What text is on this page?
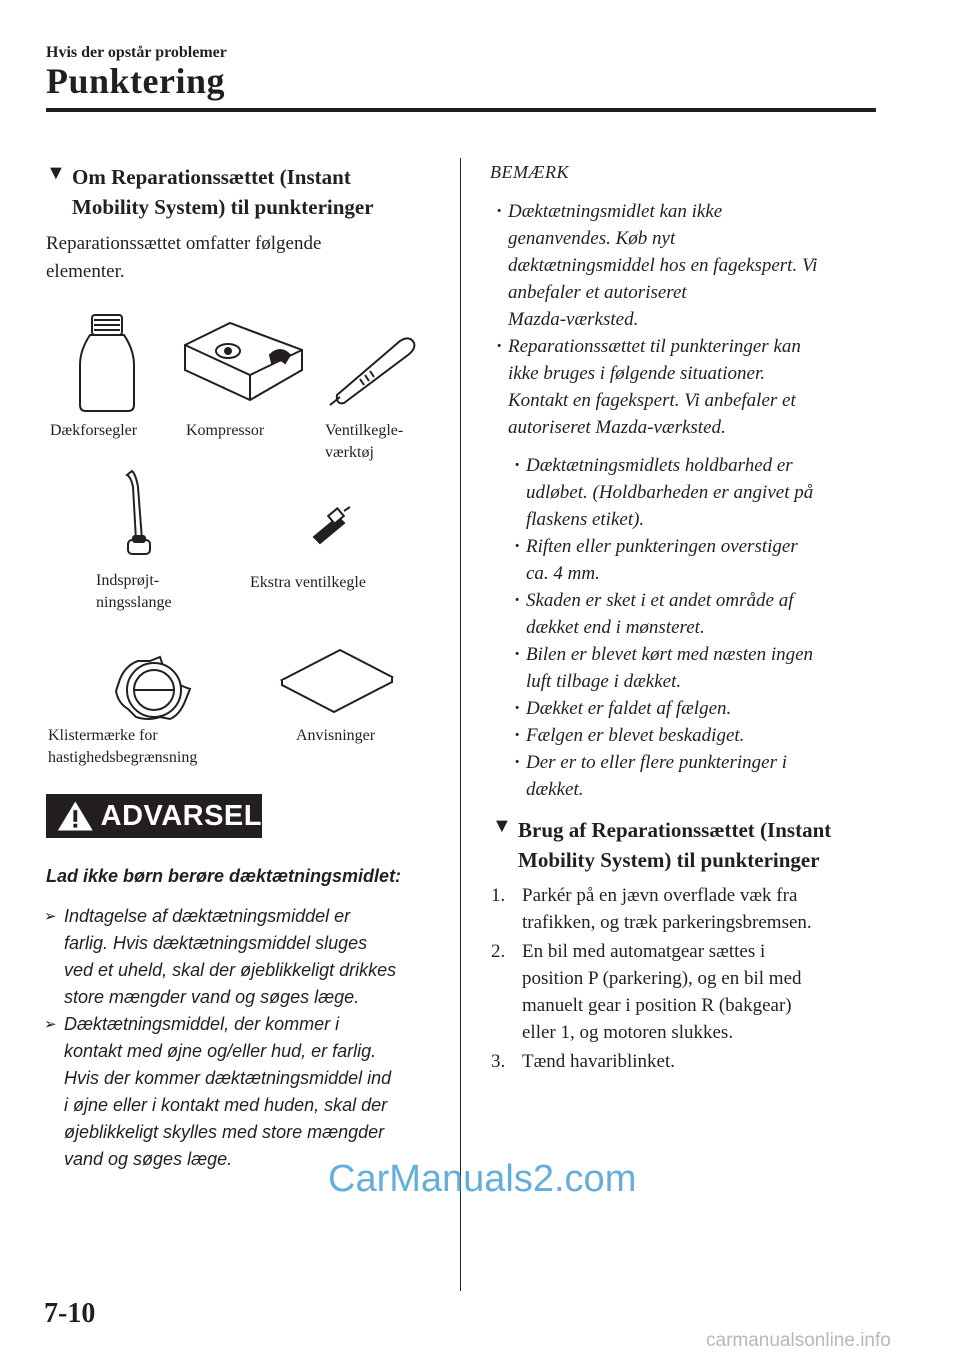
Hvis der opstår problemer
Punktering
▼ Om Reparationssættet (Instant
Mobility System) til punkteringer
Reparationssættet omfatter følgende
elementer.
Dækforsegler	Kompressor	Ventilkegle-
værktøj
Indsprøjt-
ningsslange
Ekstra ventilkegle
Klistermærke for
hastighedsbegrænsning
Anvisninger
ADVARSEL
Lad ikke børn berøre dæktætningsmidlet:
➢ Indtagelse af dæktætningsmiddel er
farlig. Hvis dæktætningsmiddel sluges
ved et uheld, skal der øjeblikkeligt drikkes
store mængder vand og søges læge.
➢ Dæktætningsmiddel, der kommer i
kontakt med øjne og/eller hud, er farlig.
Hvis der kommer dæktætningsmiddel ind
i øjne eller i kontakt med huden, skal der
øjeblikkeligt skylles med store mængder
vand og søges læge.
BEMÆRK
· Dæktætningsmidlet kan ikke
genanvendes. Køb nyt
dæktætningsmiddel hos en fagekspert. Vi
anbefaler et autoriseret
Mazda-værksted.
· Reparationssættet til punkteringer kan
ikke bruges i følgende situationer.
Kontakt en fagekspert. Vi anbefaler et
autoriseret Mazda-værksted.
· Dæktætningsmidlets holdbarhed er
udløbet. (Holdbarheden er angivet på
flaskens etiket).
· Riften eller punkteringen overstiger
ca. 4 mm.
· Skaden er sket i et andet område af
dækket end i mønsteret.
· Bilen er blevet kørt med næsten ingen
luft tilbage i dækket.
· Dækket er faldet af fælgen.
· Fælgen er blevet beskadiget.
· Der er to eller flere punkteringer i
dækket.
▼ Brug af Reparationssættet (Instant
Mobility System) til punkteringer
1. Parkér på en jævn overflade væk fra
trafikken, og træk parkeringsbremsen.
2. En bil med automatgear sættes i
position P (parkering), og en bil med
manuelt gear i position R (bakgear)
eller 1, og motoren slukkes.
3. Tænd havariblinket.
7-10
CarManuals2.com
carmanualsonline.info
